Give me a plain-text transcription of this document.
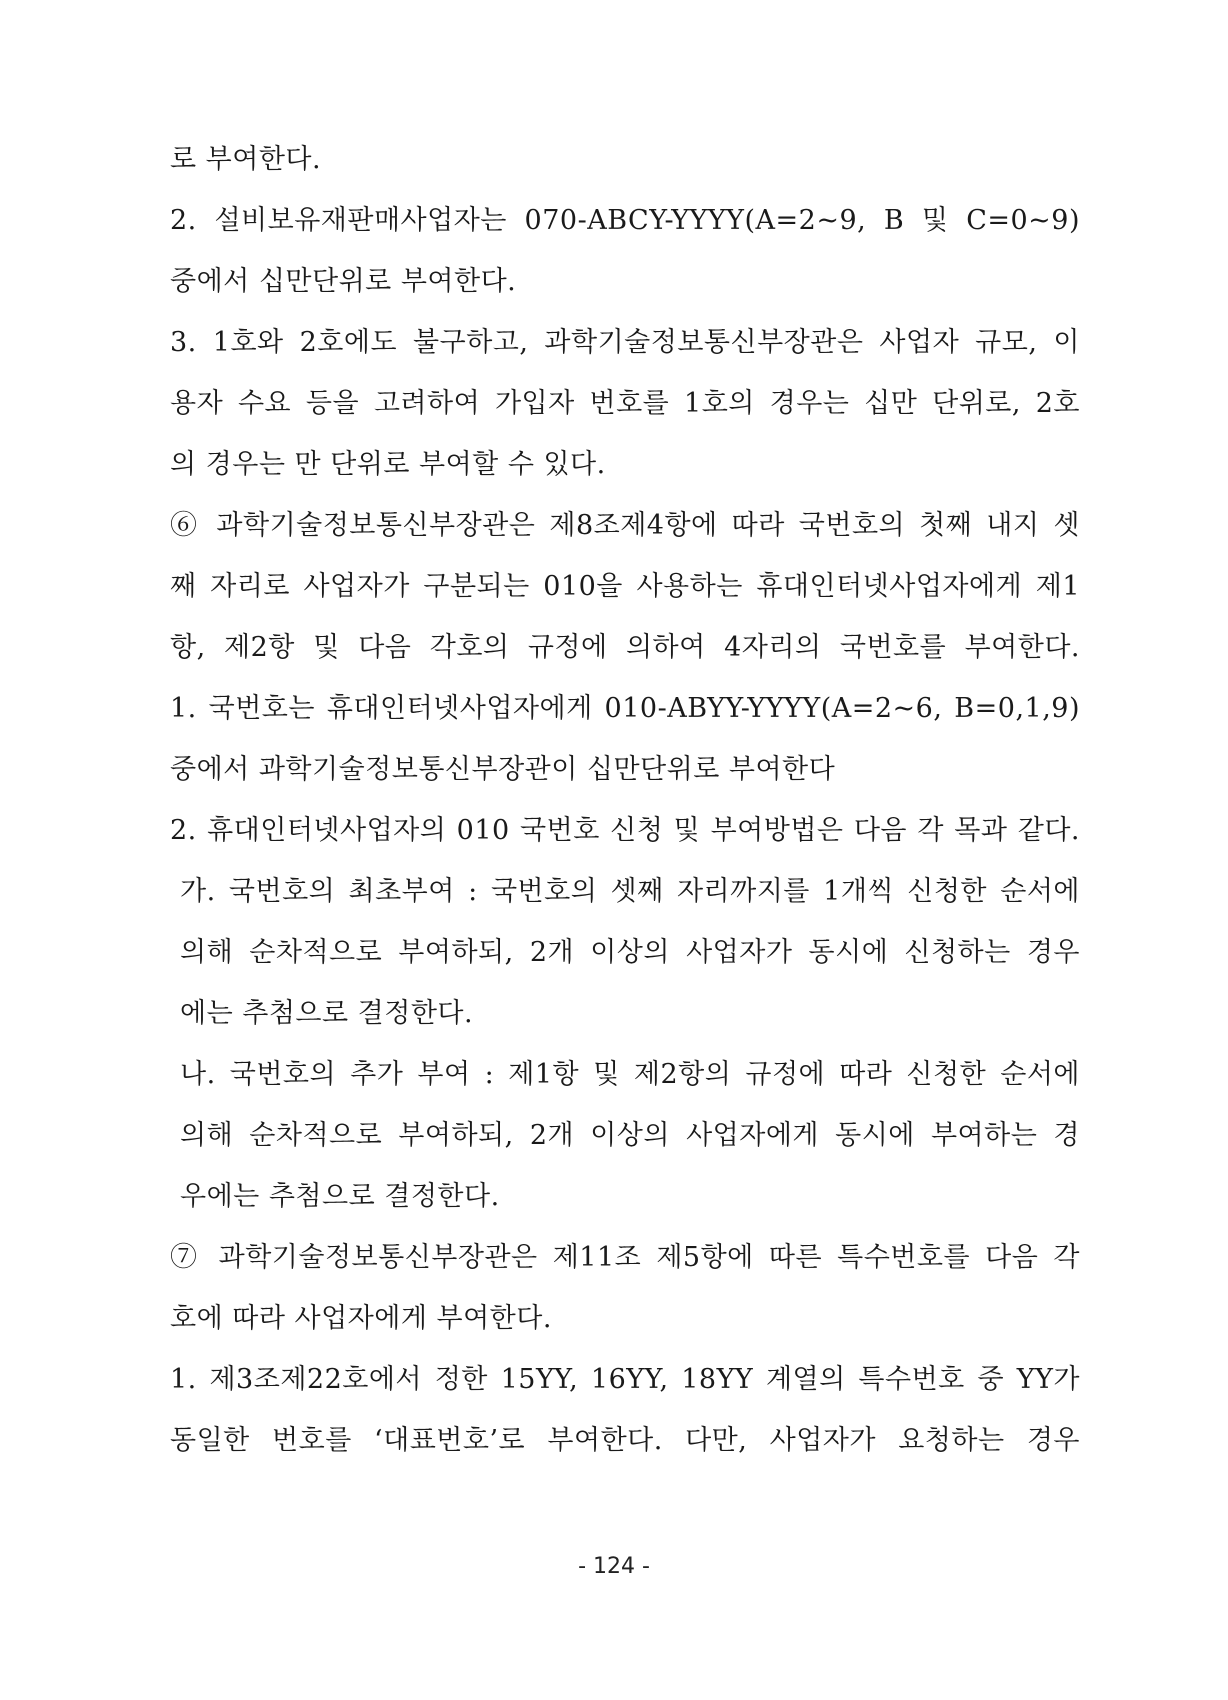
로 부여한다.
2. 설비보유재판매사업자는 070-ABCY-YYYY(A=2~9, B 및 C=0~9)
중에서 십만단위로 부여한다.
3. 1호와 2호에도 불구하고, 과학기술정보통신부장관은 사업자 규모, 이
용자 수요 등을 고려하여 가입자 번호를 1호의 경우는 십만 단위로, 2호
의 경우는 만 단위로 부여할 수 있다.
⑥ 과학기술정보통신부장관은 제8조제4항에 따라 국번호의 첫째 내지 셋
째 자리로 사업자가 구분되는 010을 사용하는 휴대인터넷사업자에게 제1
항, 제2항 및 다음 각호의 규정에 의하여 4자리의 국번호를 부여한다.
1. 국번호는 휴대인터넷사업자에게 010-ABYY-YYYY(A=2~6, B=0,1,9)
중에서 과학기술정보통신부장관이 십만단위로 부여한다
2. 휴대인터넷사업자의 010 국번호 신청 및 부여방법은 다음 각 목과 같다.
가. 국번호의 최초부여 : 국번호의 셋째 자리까지를 1개씩 신청한 순서에
의해 순차적으로 부여하되, 2개 이상의 사업자가 동시에 신청하는 경우
에는 추첨으로 결정한다.
나. 국번호의 추가 부여 : 제1항 및 제2항의 규정에 따라 신청한 순서에
의해 순차적으로 부여하되, 2개 이상의 사업자에게 동시에 부여하는 경
우에는 추첨으로 결정한다.
⑦ 과학기술정보통신부장관은 제11조 제5항에 따른 특수번호를 다음 각
호에 따라 사업자에게 부여한다.
1. 제3조제22호에서 정한 15YY, 16YY, 18YY 계열의 특수번호 중 YY가
동일한 번호를 ‘대표번호’로 부여한다. 다만, 사업자가 요청하는 경우
- 124 -
